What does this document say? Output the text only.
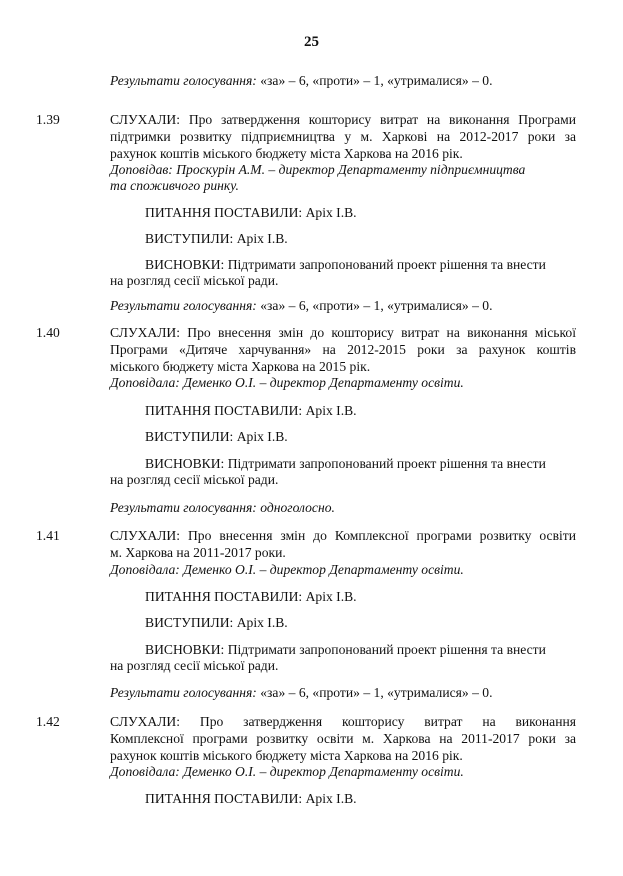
25
Результати голосування: «за» – 6, «проти» – 1, «утрималися» – 0.
1.39	СЛУХАЛИ: Про затвердження кошторису витрат на виконання Програми
підтримки розвитку підприємництва у м. Харкові на 2012-2017 роки за
рахунок коштів міського бюджету міста Харкова на 2016 рік.
Доповідав: Проскурін А.М. – директор Департаменту підприємництва
та споживчого ринку.
ПИТАННЯ ПОСТАВИЛИ: Аріх І.В.
ВИСТУПИЛИ: Аріх І.В.
ВИСНОВКИ: Підтримати запропонований проект рішення та внести
на розгляд сесії міської ради.
Результати голосування: «за» – 6, «проти» – 1, «утрималися» – 0.
1.40	СЛУХАЛИ: Про внесення змін до кошторису витрат на виконання міської
Програми «Дитяче харчування» на 2012-2015 роки за рахунок коштів
міського бюджету міста Харкова на 2015 рік.
Доповідала: Деменко О.І. – директор Департаменту освіти.
ПИТАННЯ ПОСТАВИЛИ: Аріх І.В.
ВИСТУПИЛИ: Аріх І.В.
ВИСНОВКИ: Підтримати запропонований проект рішення та внести
на розгляд сесії міської ради.
Результати голосування: одноголосно.
1.41	СЛУХАЛИ: Про внесення змін до Комплексної програми розвитку освіти
м. Харкова на 2011-2017 роки.
Доповідала: Деменко О.І. – директор Департаменту освіти.
ПИТАННЯ ПОСТАВИЛИ: Аріх І.В.
ВИСТУПИЛИ: Аріх І.В.
ВИСНОВКИ: Підтримати запропонований проект рішення та внести
на розгляд сесії міської ради.
Результати голосування: «за» – 6, «проти» – 1, «утрималися» – 0.
1.42	СЛУХАЛИ: Про затвердження кошторису витрат на виконання
Комплексної програми розвитку освіти м. Харкова на 2011-2017 роки за
рахунок коштів міського бюджету міста Харкова на 2016 рік.
Доповідала: Деменко О.І. – директор Департаменту освіти.
ПИТАННЯ ПОСТАВИЛИ: Аріх І.В.
